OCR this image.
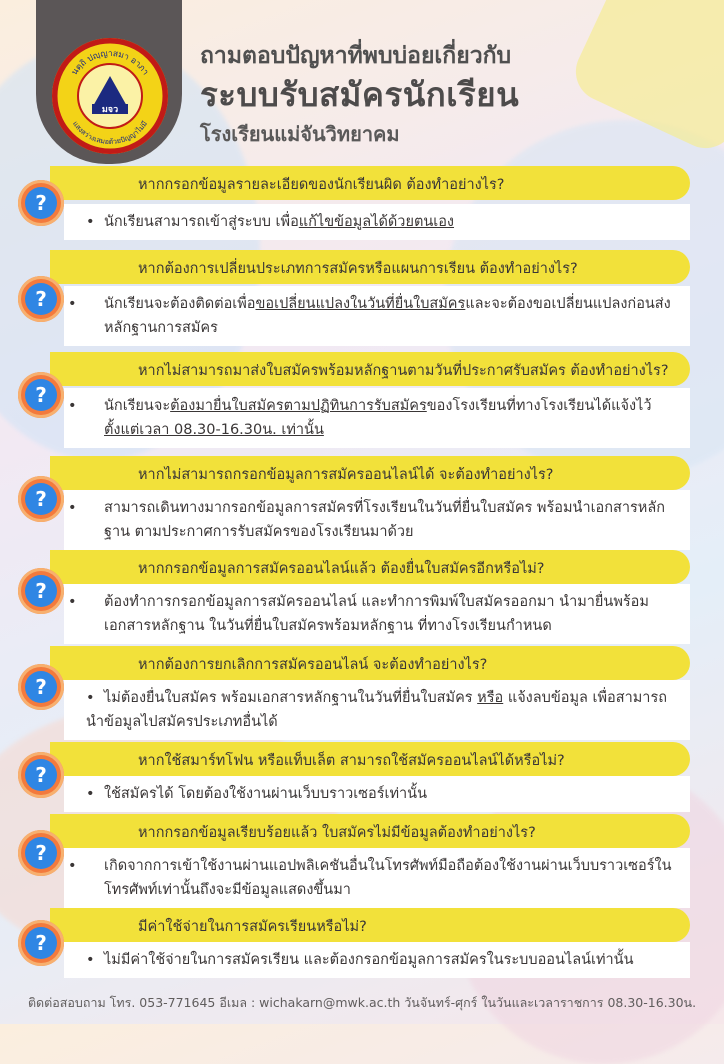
นตฺถิ ปญฺญาสมา อาภา
แสงสว่างเสมอด้วยปัญญาไม่มี
มจว
ถามตอบปัญหาที่พบบ่อยเกี่ยวกับ
ระบบรับสมัครนักเรียน
โรงเรียนแม่จันวิทยาคม
หากกรอกข้อมูลรายละเอียดของนักเรียนผิด ต้องทำอย่างไร?
• นักเรียนสามารถเข้าสู่ระบบ เพื่อแก้ไขข้อมูลได้ด้วยตนเอง
?
หากต้องการเปลี่ยนประเภทการสมัครหรือแผนการเรียน ต้องทำอย่างไร?
• นักเรียนจะต้องติดต่อเพื่อขอเปลี่ยนแปลงในวันที่ยื่นใบสมัครและจะต้องขอเปลี่ยนแปลงก่อนส่งหลักฐานการสมัคร
?
หากไม่สามารถมาส่งใบสมัครพร้อมหลักฐานตามวันที่ประกาศรับสมัคร ต้องทำอย่างไร?
• นักเรียนจะต้องมายื่นใบสมัครตามปฏิทินการรับสมัครของโรงเรียนที่ทางโรงเรียนได้แจ้งไว้ ตั้งแต่เวลา 08.30-16.30น. เท่านั้น
?
หากไม่สามารถกรอกข้อมูลการสมัครออนไลน์ได้ จะต้องทำอย่างไร?
• สามารถเดินทางมากรอกข้อมูลการสมัครที่โรงเรียนในวันที่ยื่นใบสมัคร พร้อมนำเอกสารหลักฐาน ตามประกาศการรับสมัครของโรงเรียนมาด้วย
?
หากกรอกข้อมูลการสมัครออนไลน์แล้ว ต้องยื่นใบสมัครอีกหรือไม่?
• ต้องทำการกรอกข้อมูลการสมัครออนไลน์ และทำการพิมพ์ใบสมัครออกมา นำมายื่นพร้อมเอกสารหลักฐาน ในวันที่ยื่นใบสมัครพร้อมหลักฐาน ที่ทางโรงเรียนกำหนด
?
หากต้องการยกเลิกการสมัครออนไลน์ จะต้องทำอย่างไร?
• ไม่ต้องยื่นใบสมัคร พร้อมเอกสารหลักฐานในวันที่ยื่นใบสมัคร หรือ แจ้งลบข้อมูล เพื่อสามารถนำข้อมูลไปสมัครประเภทอื่นได้
?
หากใช้สมาร์ทโฟน หรือแท็บเล็ต สามารถใช้สมัครออนไลน์ได้หรือไม่?
• ใช้สมัครได้ โดยต้องใช้งานผ่านเว็บบราวเซอร์เท่านั้น
?
หากกรอกข้อมูลเรียบร้อยแล้ว ใบสมัครไม่มีข้อมูลต้องทำอย่างไร?
• เกิดจากการเข้าใช้งานผ่านแอปพลิเคชันอื่นในโทรศัพท์มือถือต้องใช้งานผ่านเว็บบราวเซอร์ในโทรศัพท์เท่านั้นถึงจะมีข้อมูลแสดงขึ้นมา
?
มีค่าใช้จ่ายในการสมัครเรียนหรือไม่?
• ไม่มีค่าใช้จ่ายในการสมัครเรียน และต้องกรอกข้อมูลการสมัครในระบบออนไลน์เท่านั้น
?
ติดต่อสอบถาม โทร. 053-771645 อีเมล : wichakarn@mwk.ac.th วันจันทร์-ศุกร์ ในวันและเวลาราชการ 08.30-16.30น.
